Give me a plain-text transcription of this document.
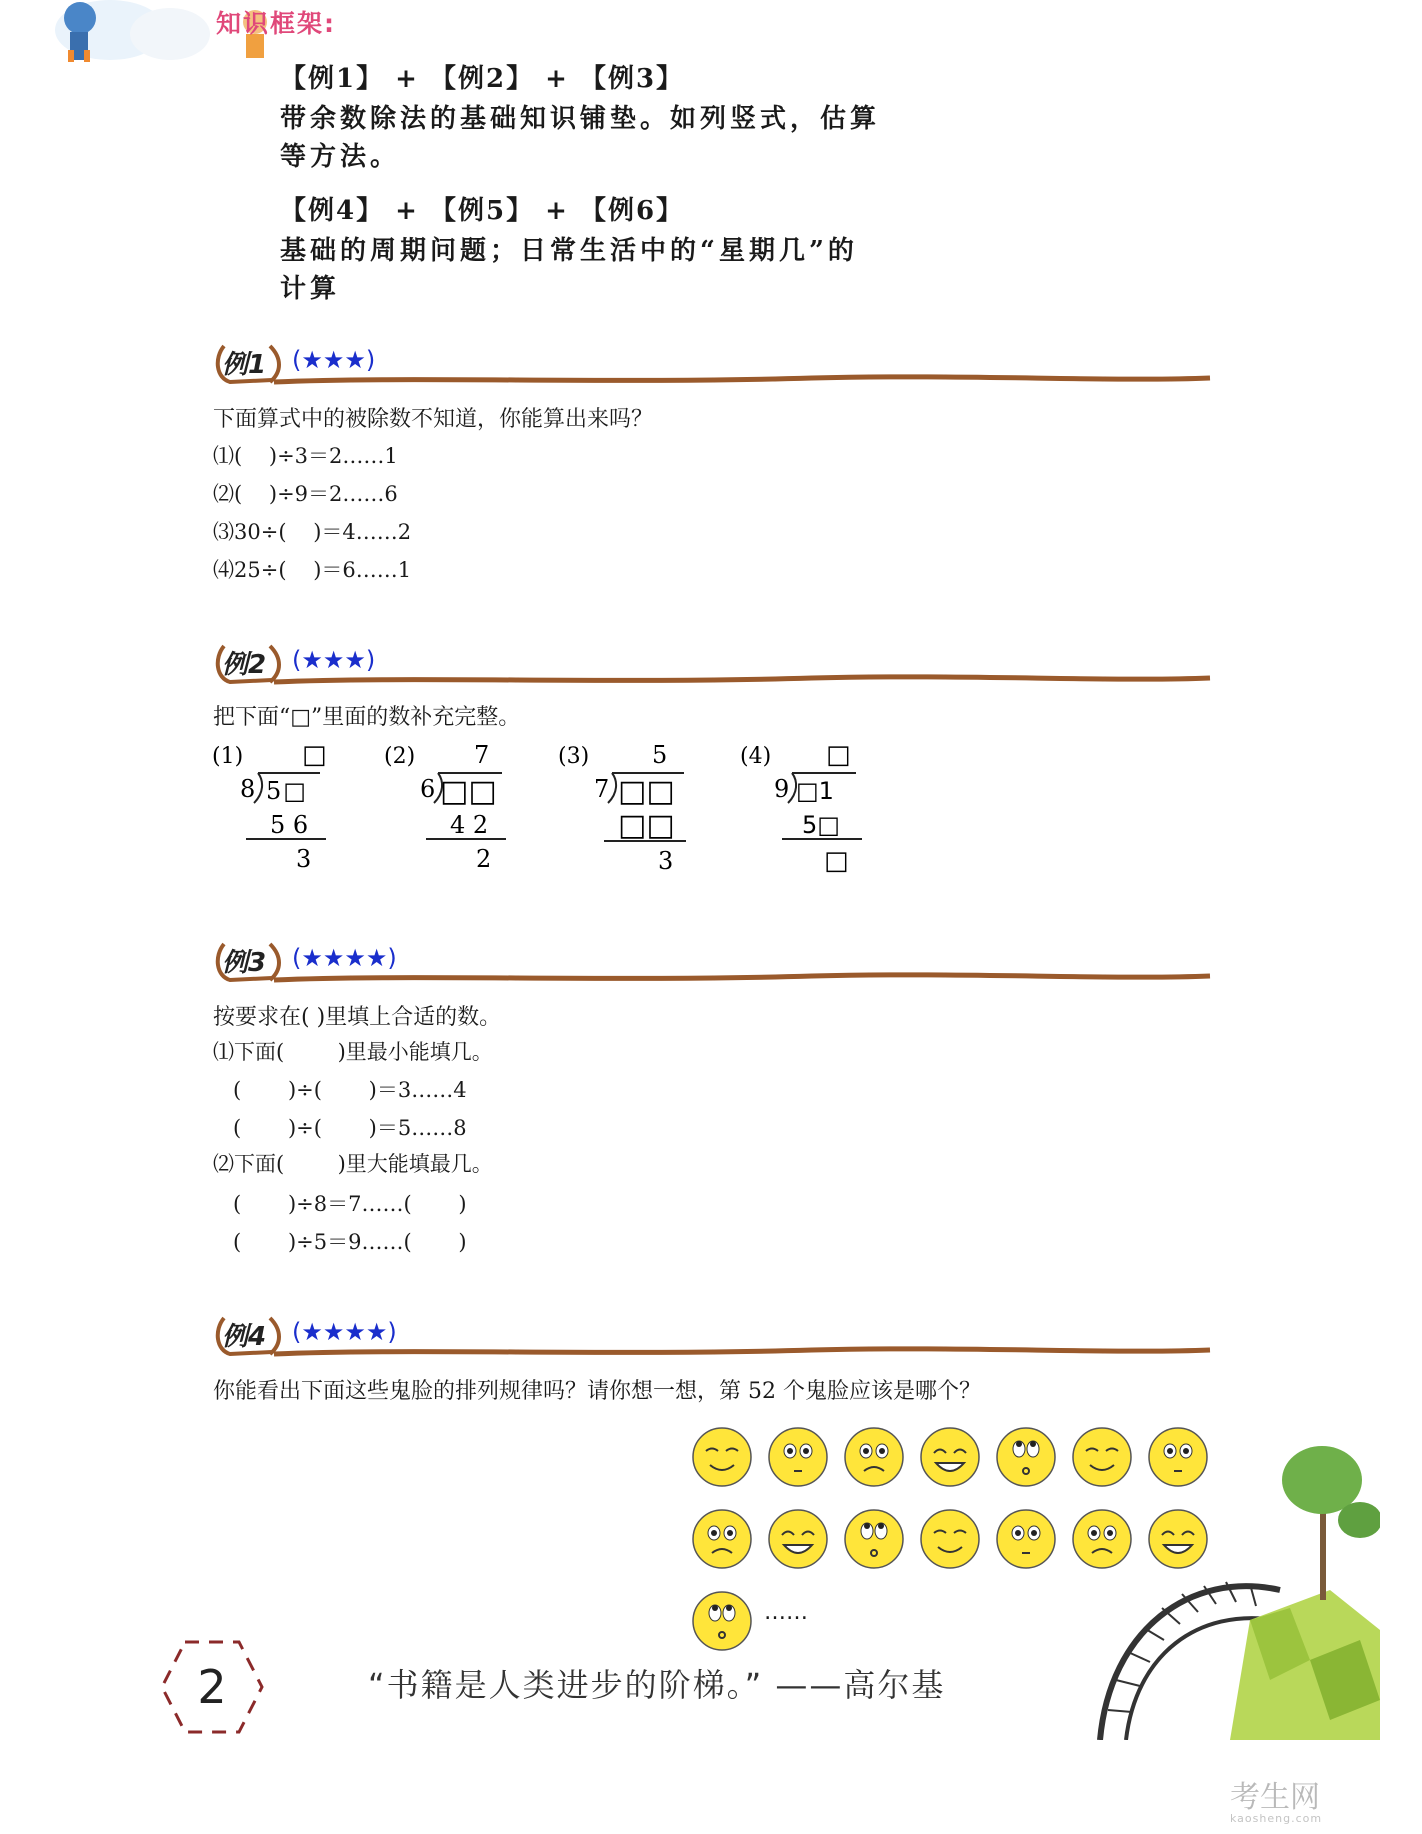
知识框架:
【例1】 + 【例2】 + 【例3】
带余数除法的基础知识铺垫。如列竖式，估算等方法。
【例4】 + 【例5】 + 【例6】
基础的周期问题；日常生活中的“星期几”的计算
例1 (★★★)
下面算式中的被除数不知道，你能算出来吗？
⑴(    )÷3＝2……1
⑵(    )÷9＝2……6
⑶30÷(    )＝4……2
⑷25÷(    )＝6……1
例2 (★★★)
把下面“□”里面的数补充完整。
(1) □
8 5□
5 6
3
(2) 7
6 □□
4 2
2
(3)	5
7 □□
□□
3
(4) □
9 □1
5□
□
例3 (★★★★)
按要求在( )里填上合适的数。
⑴下面(        )里最小能填几。
(       )÷(       )＝3……4
(       )÷(       )＝5……8
⑵下面(        )里大能填最几。
(       )÷8＝7……(       )
(       )÷5＝9……(       )
例4 (★★★★)
你能看出下面这些鬼脸的排列规律吗？请你想一想，第 52 个鬼脸应该是哪个？
……
2	“书籍是人类进步的阶梯。” ——高尔基
考生网
kaosheng.com
